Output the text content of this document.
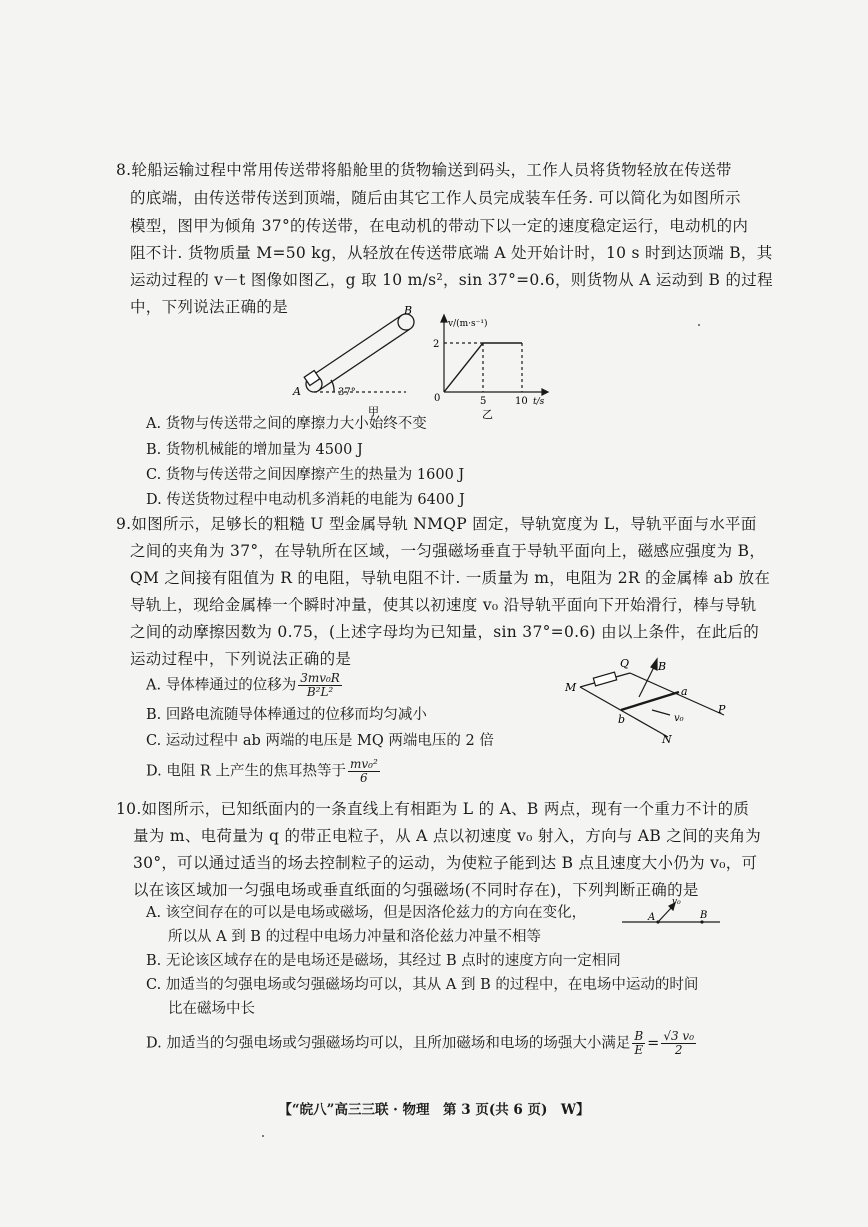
8.轮船运输过程中常用传送带将船舱里的货物输送到码头，工作人员将货物轻放在传送带
的底端，由传送带传送到顶端，随后由其它工作人员完成装车任务. 可以简化为如图所示
模型，图甲为倾角 37°的传送带，在电动机的带动下以一定的速度稳定运行，电动机的内
阻不计. 货物质量 M=50 kg，从轻放在传送带底端 A 处开始计时，10 s 时到达顶端 B，其
运动过程的 v－t 图像如图乙，g 取 10 m/s²，sin 37°=0.6，则货物从 A 运动到 B 的过程
中，下列说法正确的是	B
A	37°
甲
v/(m·s⁻¹)
2
0	5	10 t/s
乙
A. 货物与传送带之间的摩擦力大小始终不变
B. 货物机械能的增加量为 4500 J
C. 货物与传送带之间因摩擦产生的热量为 1600 J
D. 传送货物过程中电动机多消耗的电能为 6400 J
9.如图所示，足够长的粗糙 U 型金属导轨 NMQP 固定，导轨宽度为 L，导轨平面与水平面
之间的夹角为 37°，在导轨所在区域，一匀强磁场垂直于导轨平面向上，磁感应强度为 B，
QM 之间接有阻值为 R 的电阻，导轨电阻不计. 一质量为 m，电阻为 2R 的金属棒 ab 放在
导轨上，现给金属棒一个瞬时冲量，使其以初速度 v₀ 沿导轨平面向下开始滑行，棒与导轨
之间的动摩擦因数为 0.75，(上述字母均为已知量，sin 37°=0.6) 由以上条件，在此后的
运动过程中，下列说法正确的是
A. 导体棒通过的位移为 $\frac{\text{3mv₀R}}{\text{B²L²}}$
B. 回路电流随导体棒通过的位移而均匀减小
C. 运动过程中 ab 两端的电压是 MQ 两端电压的 2 倍
D. 电阻 R 上产生的焦耳热等于 $\frac{\text{mv₀²}}{6}$
Q	B
M	a
v₀
P
b
N
10.如图所示，已知纸面内的一条直线上有相距为 L 的 A、B 两点，现有一个重力不计的质
量为 m、电荷量为 q 的带正电粒子，从 A 点以初速度 v₀ 射入，方向与 AB 之间的夹角为
30°，可以通过适当的场去控制粒子的运动，为使粒子能到达 B 点且速度大小仍为 v₀，可
以在该区域加一匀强电场或垂直纸面的匀强磁场(不同时存在)，下列判断正确的是
A. 该空间存在的可以是电场或磁场，但是因洛伦兹力的方向在变化，
所以从 A 到 B 的过程中电场力冲量和洛伦兹力冲量不相等
B. 无论该区域存在的是电场还是磁场，其经过 B 点时的速度方向一定相同
C. 加适当的匀强电场或匀强磁场均可以，其从 A 到 B 的过程中，在电场中运动的时间
比在磁场中长
D. 加适当的匀强电场或匀强磁场均可以，且所加磁场和电场的场强大小满足 $\frac{B}{E} = \frac{\text{√3 v₀}}{2}$
A	B
v₀
【“皖八”高三三联 · 物理　第 3 页(共 6 页)　W】
